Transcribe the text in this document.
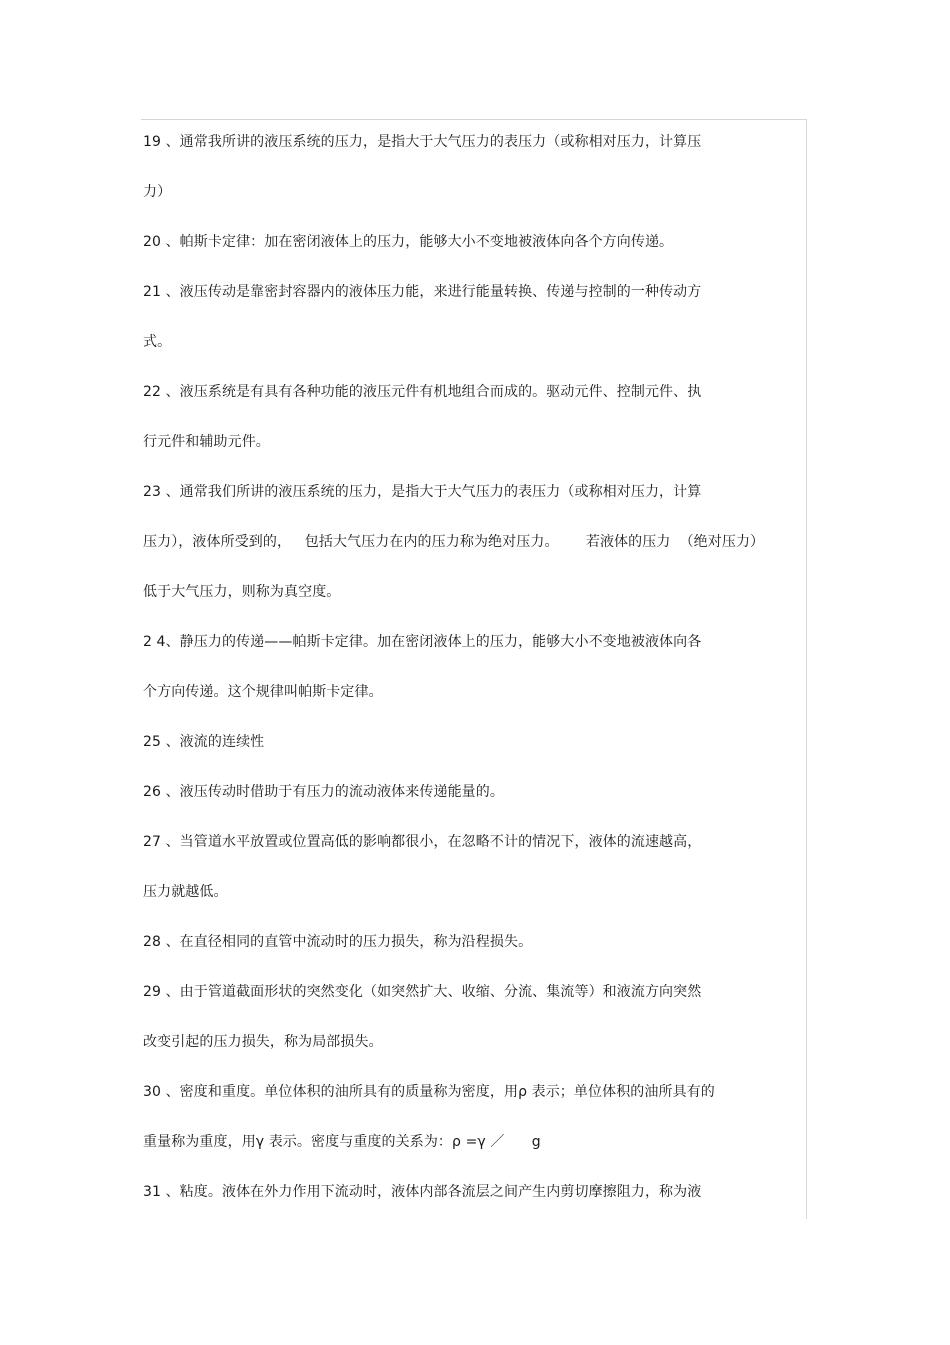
19 、通常我所讲的液压系统的压力，是指大于大气压力的表压力（或称相对压力，计算压
力）
20 、帕斯卡定律：加在密闭液体上的压力，能够大小不变地被液体向各个方向传递。
21 、液压传动是靠密封容器内的液体压力能，来进行能量转换、传递与控制的一种传动方
式。
22 、液压系统是有具有各种功能的液压元件有机地组合而成的。驱动元件、控制元件、执
行元件和辅助元件。
23 、通常我们所讲的液压系统的压力，是指大于大气压力的表压力（或称相对压力，计算
压力），液体所受到的，   包括大气压力在内的压力称为绝对压力。      若液体的压力  （绝对压力）
低于大气压力，则称为真空度。
2 4、静压力的传递——帕斯卡定律。加在密闭液体上的压力，能够大小不变地被液体向各
个方向传递。这个规律叫帕斯卡定律。
25 、液流的连续性
26 、液压传动时借助于有压力的流动液体来传递能量的。
27 、当管道水平放置或位置高低的影响都很小，在忽略不计的情况下，液体的流速越高，
压力就越低。
28 、在直径相同的直管中流动时的压力损失，称为沿程损失。
29 、由于管道截面形状的突然变化（如突然扩大、收缩、分流、集流等）和液流方向突然
改变引起的压力损失，称为局部损失。
30 、密度和重度。单位体积的油所具有的质量称为密度，用ρ 表示；单位体积的油所具有的
重量称为重度，用γ 表示。密度与重度的关系为：ρ =γ ／      g
31 、粘度。液体在外力作用下流动时，液体内部各流层之间产生内剪切摩擦阻力，称为液
